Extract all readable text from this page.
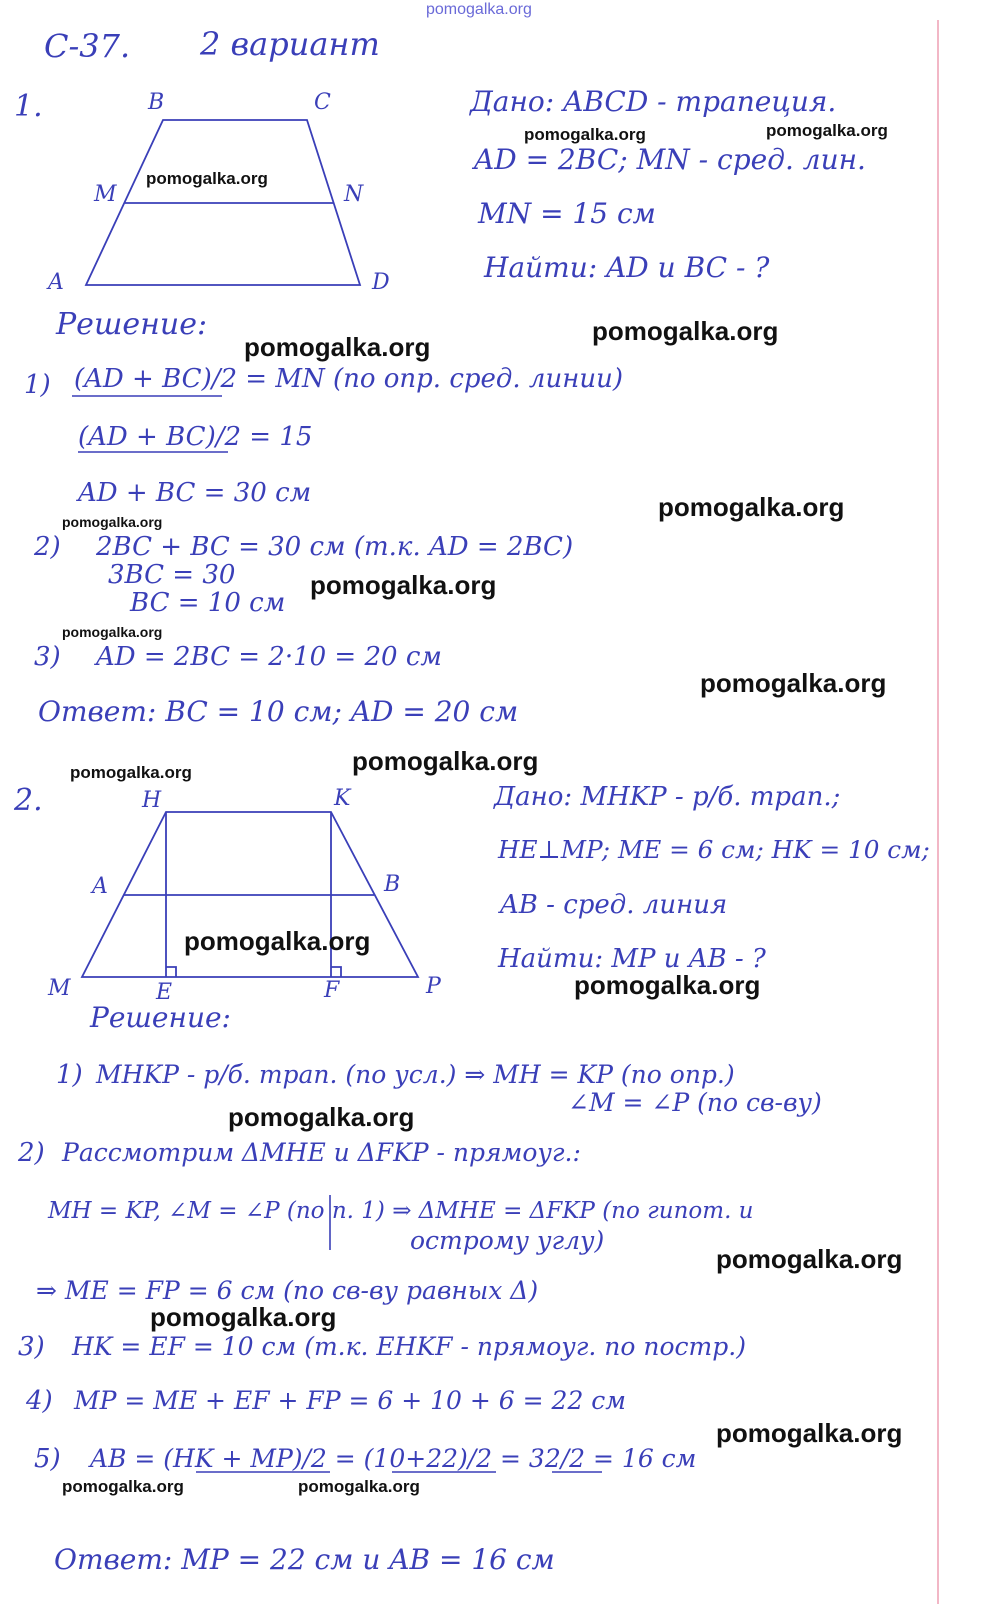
С-37. 2 вариант
1.	B	C
M	N
A	D
Дано: ABCD - трапеция.
AD = 2BC; MN - сред. лин.
MN = 15 см
Найти: AD и BC - ?
Решение:
1) (AD + BC)/2 = MN (по опр. сред. линии)
(AD + BC)/2 = 15
AD + BC = 30 см
2) 2BC + BC = 30 см (т.к. AD = 2BC)
3BC = 30
BC = 10 см
3) AD = 2BC = 2·10 = 20 см
Ответ: BC = 10 см; AD = 20 см
2.	H	K
A	B
M	E	F	P
Дано: MHKP - р/б. трап.;
HE⊥MP; ME = 6 см; HK = 10 см;
AB - сред. линия
Найти: MP и AB - ?
Решение:
1) MHKP - р/б. трап. (по усл.) ⇒ MH = KP (по опр.)
∠M = ∠P (по св-ву)
2) Рассмотрим ΔMHE и ΔFKP - прямоуг.:
MH = KP, ∠M = ∠P (по п. 1) ⇒ ΔMHE = ΔFKP (по гипот. и
острому углу)
⇒ ME = FP = 6 см (по св-ву равных Δ)
3) HK = EF = 10 см (т.к. EHKF - прямоуг. по постр.)
4) MP = ME + EF + FP = 6 + 10 + 6 = 22 см
5) AB = (HK + MP)/2 = (10+22)/2 = 32/2 = 16 см
Ответ: MP = 22 см и AB = 16 см
pomogalka.org
pomogalka.org	pomogalka.org
pomogalka.org
pomogalka.org
pomogalka.org
pomogalka.org
pomogalka.org
pomogalka.org
pomogalka.org
pomogalka.org
pomogalka.org
pomogalka.org
pomogalka.org
pomogalka.org
pomogalka.org
pomogalka.org
pomogalka.org
pomogalka.org
pomogalka.org	pomogalka.org
